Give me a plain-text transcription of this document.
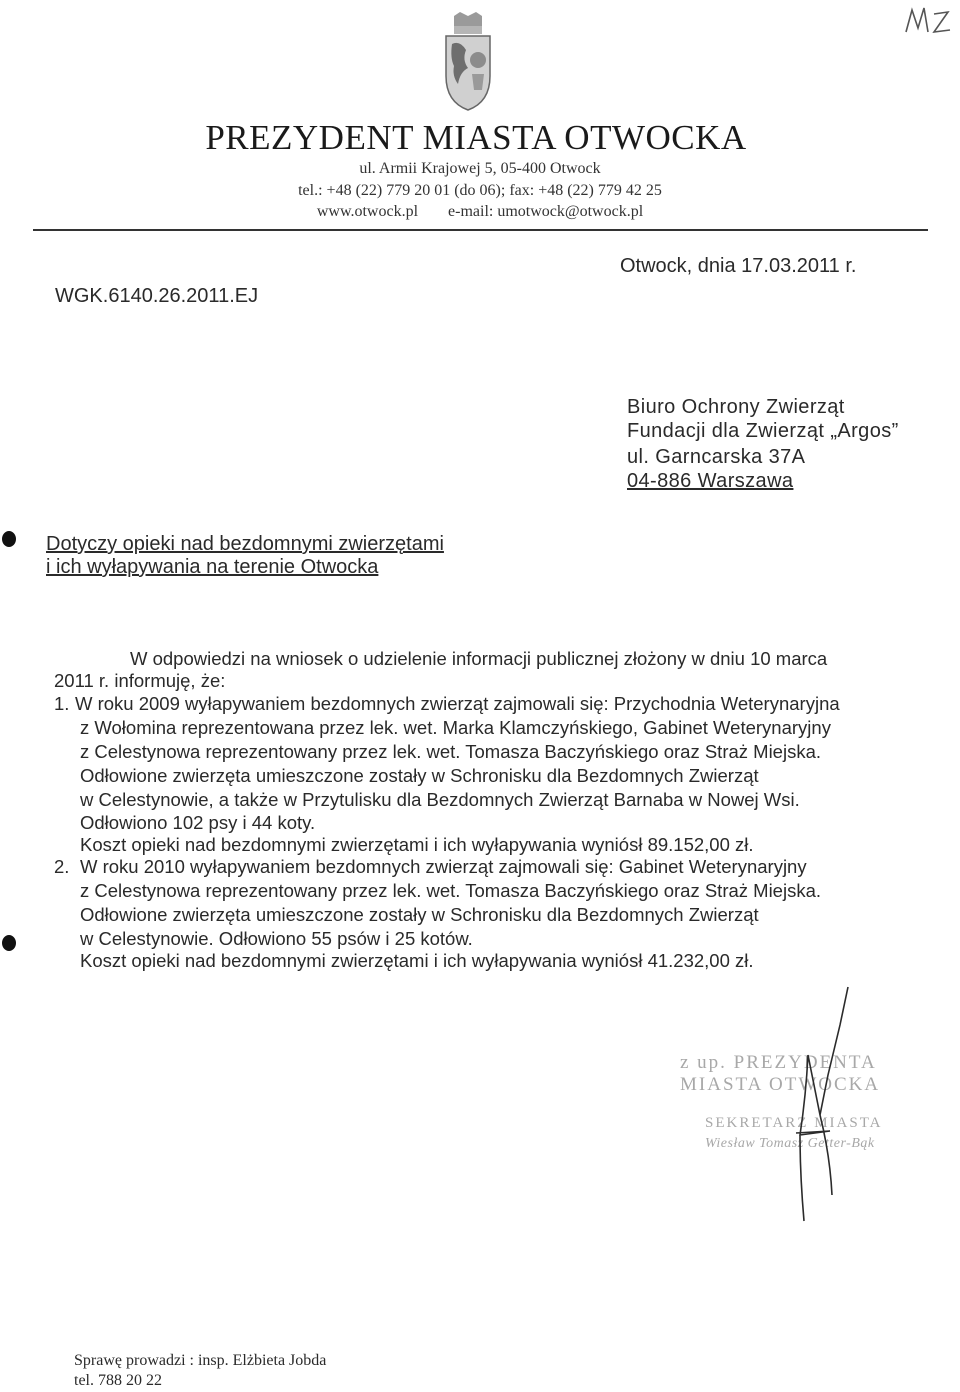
PREZYDENT MIASTA OTWOCKA
ul. Armii Krajowej 5, 05-400 Otwock
tel.: +48 (22) 779 20 01 (do 06); fax: +48 (22) 779 42 25
www.otwock.pl e-mail: umotwock@otwock.pl
Otwock, dnia 17.03.2011 r.
WGK.6140.26.2011.EJ
Biuro Ochrony Zwierząt
Fundacji dla Zwierząt „Argos”
ul. Garncarska 37A
04-886 Warszawa
Dotyczy opieki nad bezdomnymi zwierzętami
i ich wyłapywania na terenie Otwocka
W odpowiedzi na wniosek o udzielenie informacji publicznej złożony w dniu 10 marca
2011 r. informuję, że:
1. W roku 2009 wyłapywaniem bezdomnych zwierząt zajmowali się: Przychodnia Weterynaryjna
z Wołomina reprezentowana przez lek. wet. Marka Klamczyńskiego, Gabinet Weterynaryjny
z Celestynowa reprezentowany przez lek. wet. Tomasza Baczyńskiego oraz Straż Miejska.
Odłowione zwierzęta umieszczone zostały w Schronisku dla Bezdomnych Zwierząt
w Celestynowie, a także w Przytulisku dla Bezdomnych Zwierząt Barnaba w Nowej Wsi.
Odłowiono 102 psy i 44 koty.
Koszt opieki nad bezdomnymi zwierzętami i ich wyłapywania wyniósł 89.152,00 zł.
2. W roku 2010 wyłapywaniem bezdomnych zwierząt zajmowali się: Gabinet Weterynaryjny
z Celestynowa reprezentowany przez lek. wet. Tomasza Baczyńskiego oraz Straż Miejska.
Odłowione zwierzęta umieszczone zostały w Schronisku dla Bezdomnych Zwierząt
w Celestynowie. Odłowiono 55 psów i 25 kotów.
Koszt opieki nad bezdomnymi zwierzętami i ich wyłapywania wyniósł 41.232,00 zł.
z up. PREZYDENTA
MIASTA OTWOCKA
SEKRETARZ MIASTA
Wiesław Tomasz Getter-Bąk
Sprawę prowadzi : insp. Elżbieta Jobda
tel. 788 20 22
